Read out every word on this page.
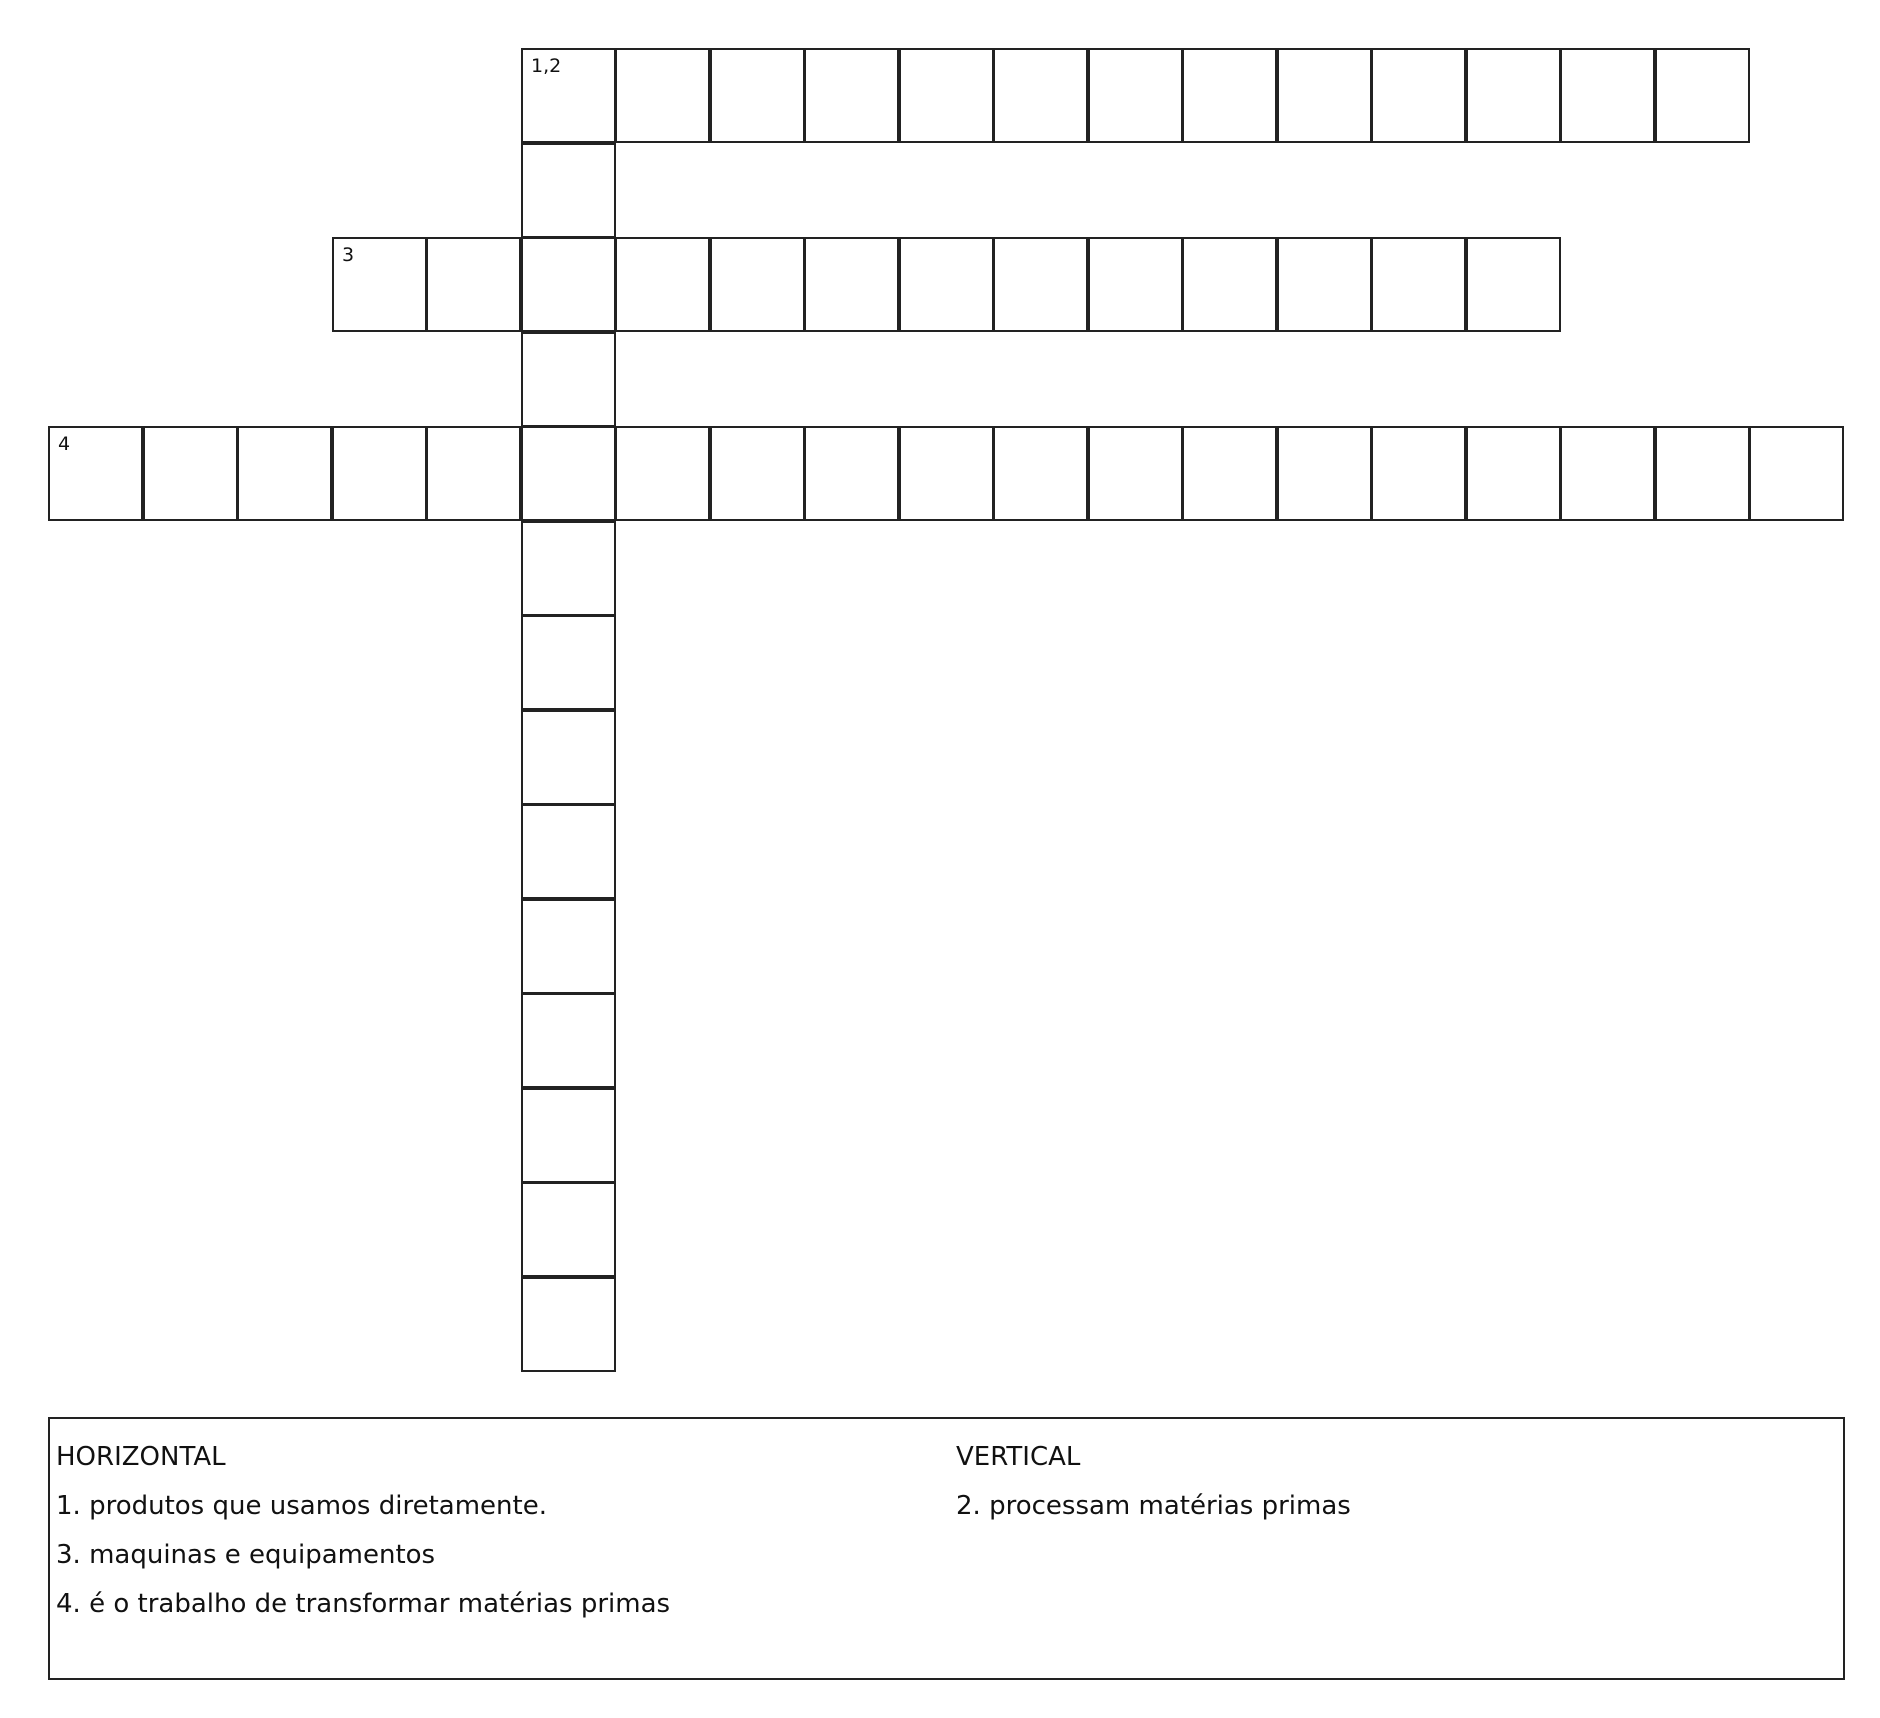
1,2
3
4
HORIZONTAL
1. produtos que usamos diretamente.
3. maquinas e equipamentos
4. é o trabalho de transformar matérias primas
VERTICAL
2. processam matérias primas
